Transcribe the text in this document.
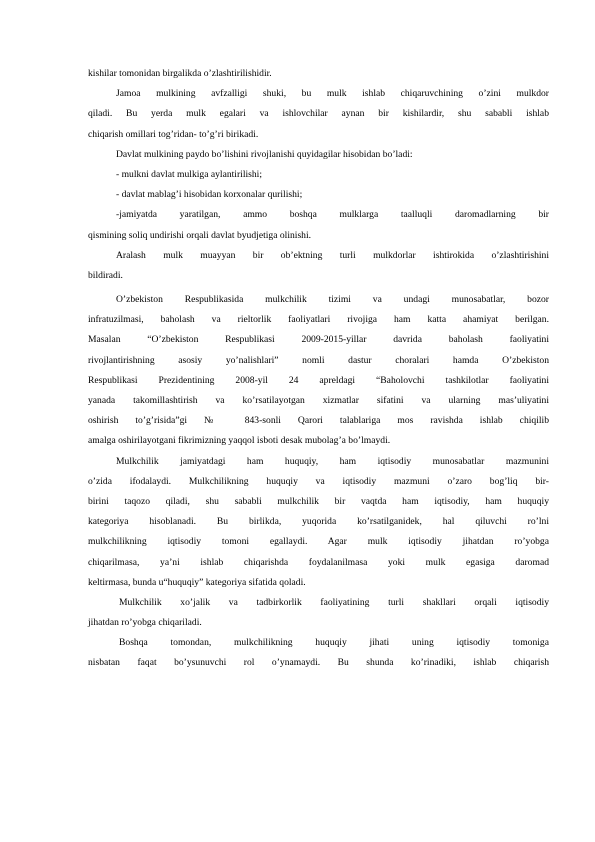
kishilar tomonidan birgalikda o’zlashtirilishidir.
Jamoa mulkining avfzalligi shuki, bu mulk ishlab chiqaruvchining o’zini mulkdor
qiladi. Bu yerda mulk egalari va ishlovchilar aynan bir kishilardir, shu sababli ishlab
chiqarish omillari tog’ridan- to’g’ri birikadi.
Davlat mulkining paydo bo’lishini rivojlanishi quyidagilar hisobidan bo’ladi:
- mulkni davlat mulkiga aylantirilishi;
- davlat mablag’i hisobidan korxonalar qurilishi;
-jamiyatda yaratilgan, ammo boshqa mulklarga taalluqli daromadlarning bir
qismining soliq undirishi orqali davlat byudjetiga olinishi.
Aralash mulk muayyan bir ob’ektning turli mulkdorlar ishtirokida o’zlashtirishini
bildiradi.
O’zbekiston Respublikasida mulkchilik tizimi va undagi munosabatlar, bozor
infratuzilmasi, baholash va rieltorlik faoliyatlari rivojiga ham katta ahamiyat berilgan.
Masalan “O’zbekiston Respublikasi 2009-2015-yillar davrida baholash faoliyatini
rivojlantirishning asosiy yo’nalishlari” nomli dastur choralari hamda O’zbekiston
Respublikasi Prezidentining 2008-yil 24 apreldagi “Baholovchi tashkilotlar faoliyatini
yanada takomillashtirish va ko’rsatilayotgan xizmatlar sifatini va ularning mas’uliyatini
oshirish to’g’risida”gi № 843-sonli Qarori talablariga mos ravishda ishlab chiqilib
amalga oshirilayotgani fikrimizning yaqqol isboti desak mubolag’a bo’lmaydi.
Mulkchilik jamiyatdagi ham huquqiy, ham iqtisodiy munosabatlar mazmunini
o’zida ifodalaydi. Mulkchilikning huquqiy va iqtisodiy mazmuni o’zaro bog’liq bir-
birini taqozo qiladi, shu sababli mulkchilik bir vaqtda ham iqtisodiy, ham huquqiy
kategoriya hisoblanadi. Bu birlikda, yuqorida ko’rsatilganidek, hal qiluvchi ro’lni
mulkchilikning iqtisodiy tomoni egallaydi. Agar mulk iqtisodiy jihatdan ro’yobga
chiqarilmasa, ya’ni ishlab chiqarishda foydalanilmasa yoki mulk egasiga daromad
keltirmasa, bunda u“huquqiy” kategoriya sifatida qoladi.
Mulkchilik xo’jalik va tadbirkorlik faoliyatining turli shakllari orqali iqtisodiy
jihatdan ro’yobga chiqariladi.
Boshqa tomondan, mulkchilikning huquqiy jihati uning iqtisodiy tomoniga
nisbatan faqat bo’ysunuvchi rol o’ynamaydi. Bu shunda ko’rinadiki, ishlab chiqarish
